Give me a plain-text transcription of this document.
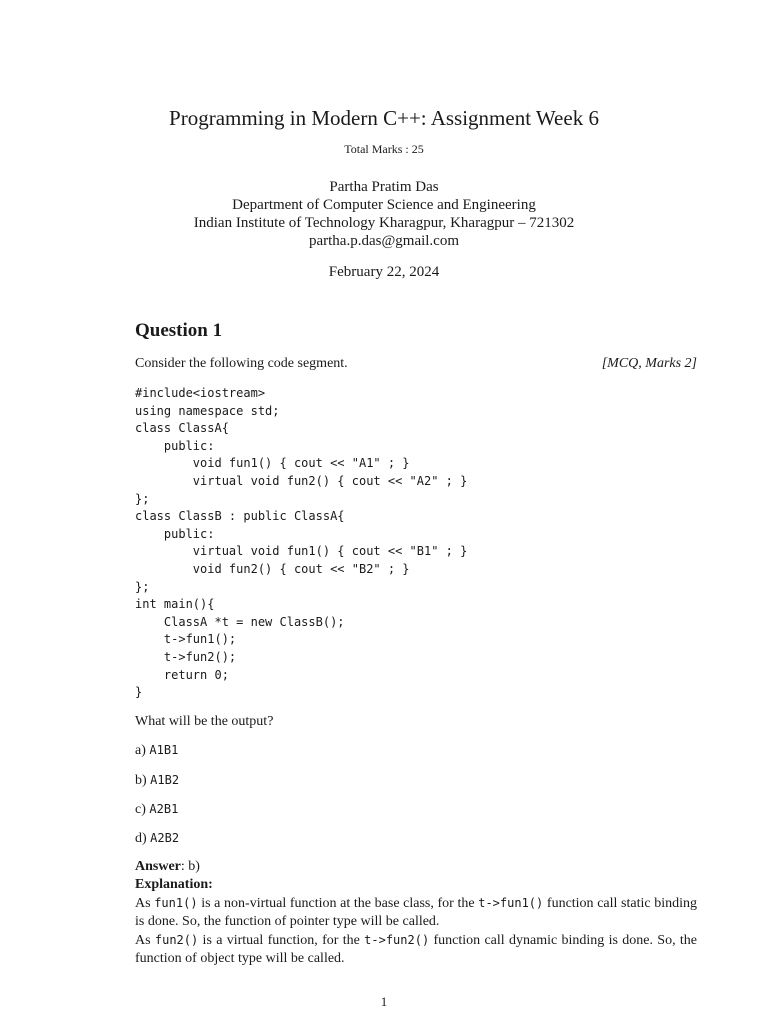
Programming in Modern C++: Assignment Week 6
Total Marks : 25
Partha Pratim Das
Department of Computer Science and Engineering
Indian Institute of Technology Kharagpur, Kharagpur – 721302
partha.p.das@gmail.com
February 22, 2024
Question 1
Consider the following code segment.	[MCQ, Marks 2]
#include<iostream>
using namespace std;
class ClassA{
public:
void fun1() { cout << "A1" ; }
virtual void fun2() { cout << "A2" ; }
};
class ClassB : public ClassA{
public:
virtual void fun1() { cout << "B1" ; }
void fun2() { cout << "B2" ; }
};
int main(){
ClassA *t = new ClassB();
t->fun1();
t->fun2();
return 0;
}
What will be the output?
a) A1B1
b) A1B2
c) A2B1
d) A2B2
Answer: b)
Explanation:

As fun1() is a non-virtual function at the base class, for the t->fun1() function call static binding is done. So, the function of pointer type will be called.

As fun2() is a virtual function, for the t->fun2() function call dynamic binding is done. So, the function of object type will be called.

1
